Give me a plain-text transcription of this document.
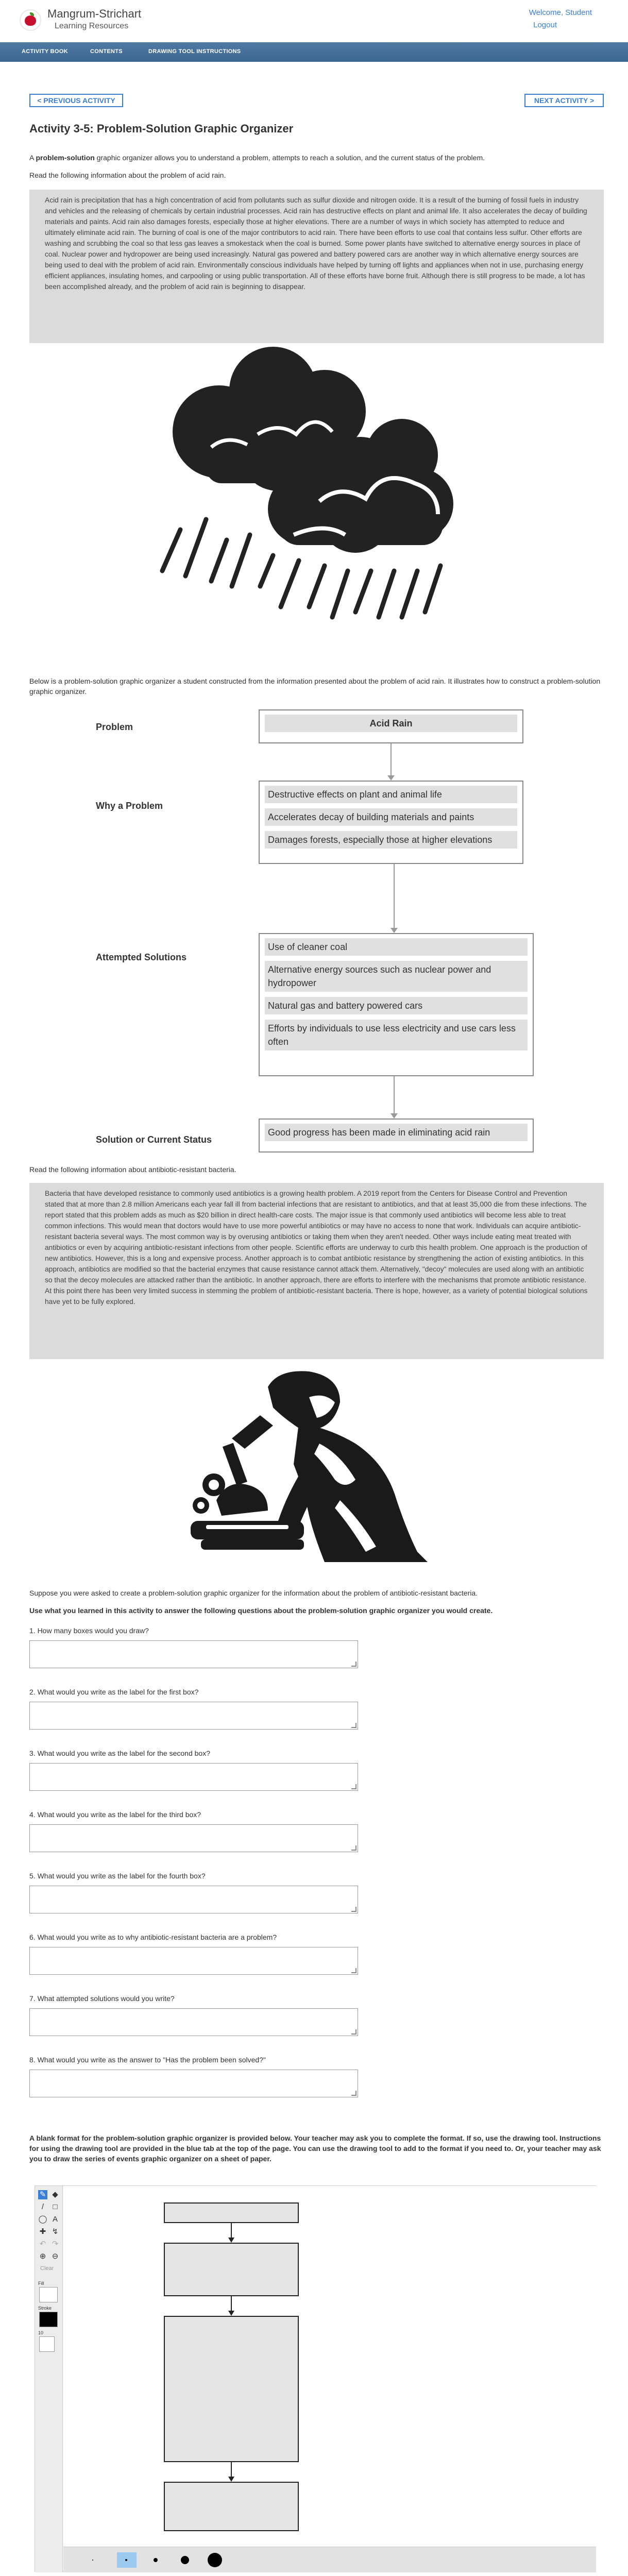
Mangrum-Strichart
Learning Resources
Welcome, Student
Logout
ACTIVITY BOOK	CONTENTS	DRAWING TOOL INSTRUCTIONS
< PREVIOUS ACTIVITY	NEXT ACTIVITY >
Activity 3-5: Problem-Solution Graphic Organizer
A problem-solution graphic organizer allows you to understand a problem, attempts to reach a solution, and the current status of the problem.
Read the following information about the problem of acid rain.
Acid rain is precipitation that has a high concentration of acid from pollutants such as sulfur dioxide and nitrogen oxide. It is a result of the burning of fossil fuels in industry and vehicles and the releasing of chemicals by certain industrial processes. Acid rain has destructive effects on plant and animal life. It also accelerates the decay of building materials and paints. Acid rain also damages forests, especially those at higher elevations. There are a number of ways in which society has attempted to reduce and ultimately eliminate acid rain. The burning of coal is one of the major contributors to acid rain. There have been efforts to use coal that contains less sulfur. Other efforts are washing and scrubbing the coal so that less gas leaves a smokestack when the coal is burned. Some power plants have switched to alternative energy sources in place of coal. Nuclear power and hydropower are being used increasingly. Natural gas powered and battery powered cars are another way in which alternative energy sources are being used to deal with the problem of acid rain. Environmentally conscious individuals have helped by turning off lights and appliances when not in use, purchasing energy efficient appliances, insulating homes, and carpooling or using public transportation. All of these efforts have borne fruit. Although there is still progress to be made, a lot has been accomplished already, and the problem of acid rain is beginning to disappear.
Below is a problem-solution graphic organizer a student constructed from the information presented about the problem of acid rain. It illustrates how to construct a problem-solution graphic organizer.
Problem
Why a Problem
Attempted Solutions
Solution or Current Status
Acid Rain
Destructive effects on plant and animal life
Accelerates decay of building materials and paints
Damages forests, especially those at higher elevations
Use of cleaner coal
Alternative energy sources such as nuclear power and hydropower
Natural gas and battery powered cars
Efforts by individuals to use less electricity and use cars less often
Good progress has been made in eliminating acid rain
Read the following information about antibiotic-resistant bacteria.
Bacteria that have developed resistance to commonly used antibiotics is a growing health problem. A 2019 report from the Centers for Disease Control and Prevention stated that at more than 2.8 million Americans each year fall ill from bacterial infections that are resistant to antibiotics, and that at least 35,000 die from these infections. The report stated that this problem adds as much as $20 billion in direct health-care costs. The major issue is that commonly used antibiotics will become less able to treat common infections. This would mean that doctors would have to use more powerful antibiotics or may have no access to none that work. Individuals can acquire antibiotic-resistant bacteria several ways. The most common way is by overusing antibiotics or taking them when they aren't needed. Other ways include eating meat treated with antibiotics or even by acquiring antibiotic-resistant infections from other people. Scientific efforts are underway to curb this health problem. One approach is the production of new antibiotics. However, this is a long and expensive process. Another approach is to combat antibiotic resistance by strengthening the action of existing antibiotics. In this approach, antibiotics are modified so that the bacterial enzymes that cause resistance cannot attack them. Alternatively, "decoy" molecules are used along with an antibiotic so that the decoy molecules are attacked rather than the antibiotic. In another approach, there are efforts to interfere with the mechanisms that promote antibiotic resistance. At this point there has been very limited success in stemming the problem of antibiotic-resistant bacteria. There is hope, however, as a variety of potential biological solutions have yet to be fully explored.
Suppose you were asked to create a problem-solution graphic organizer for the information about the problem of antibiotic-resistant bacteria.
Use what you learned in this activity to answer the following questions about the problem-solution graphic organizer you would create.
1. How many boxes would you draw?
2. What would you write as the label for the first box?
3. What would you write as the label for the second box?
4. What would you write as the label for the third box?
5. What would you write as the label for the fourth box?
6. What would you write as to why antibiotic-resistant bacteria are a problem?
7. What attempted solutions would you write?
8. What would you write as the answer to "Has the problem been solved?"
A blank format for the problem-solution graphic organizer is provided below. Your teacher may ask you to complete the format. If so, use the drawing tool. Instructions for using the drawing tool are provided in the blue tab at the top of the page. You can use the drawing tool to add to the format if you need to. Or, your teacher may ask you to draw the series of events graphic organizer on a sheet of paper.
✎ ◆
/	□
◯ A
✚ ↯
↶ ↷
⊕ ⊖
Clear
Fill
Stroke
10
